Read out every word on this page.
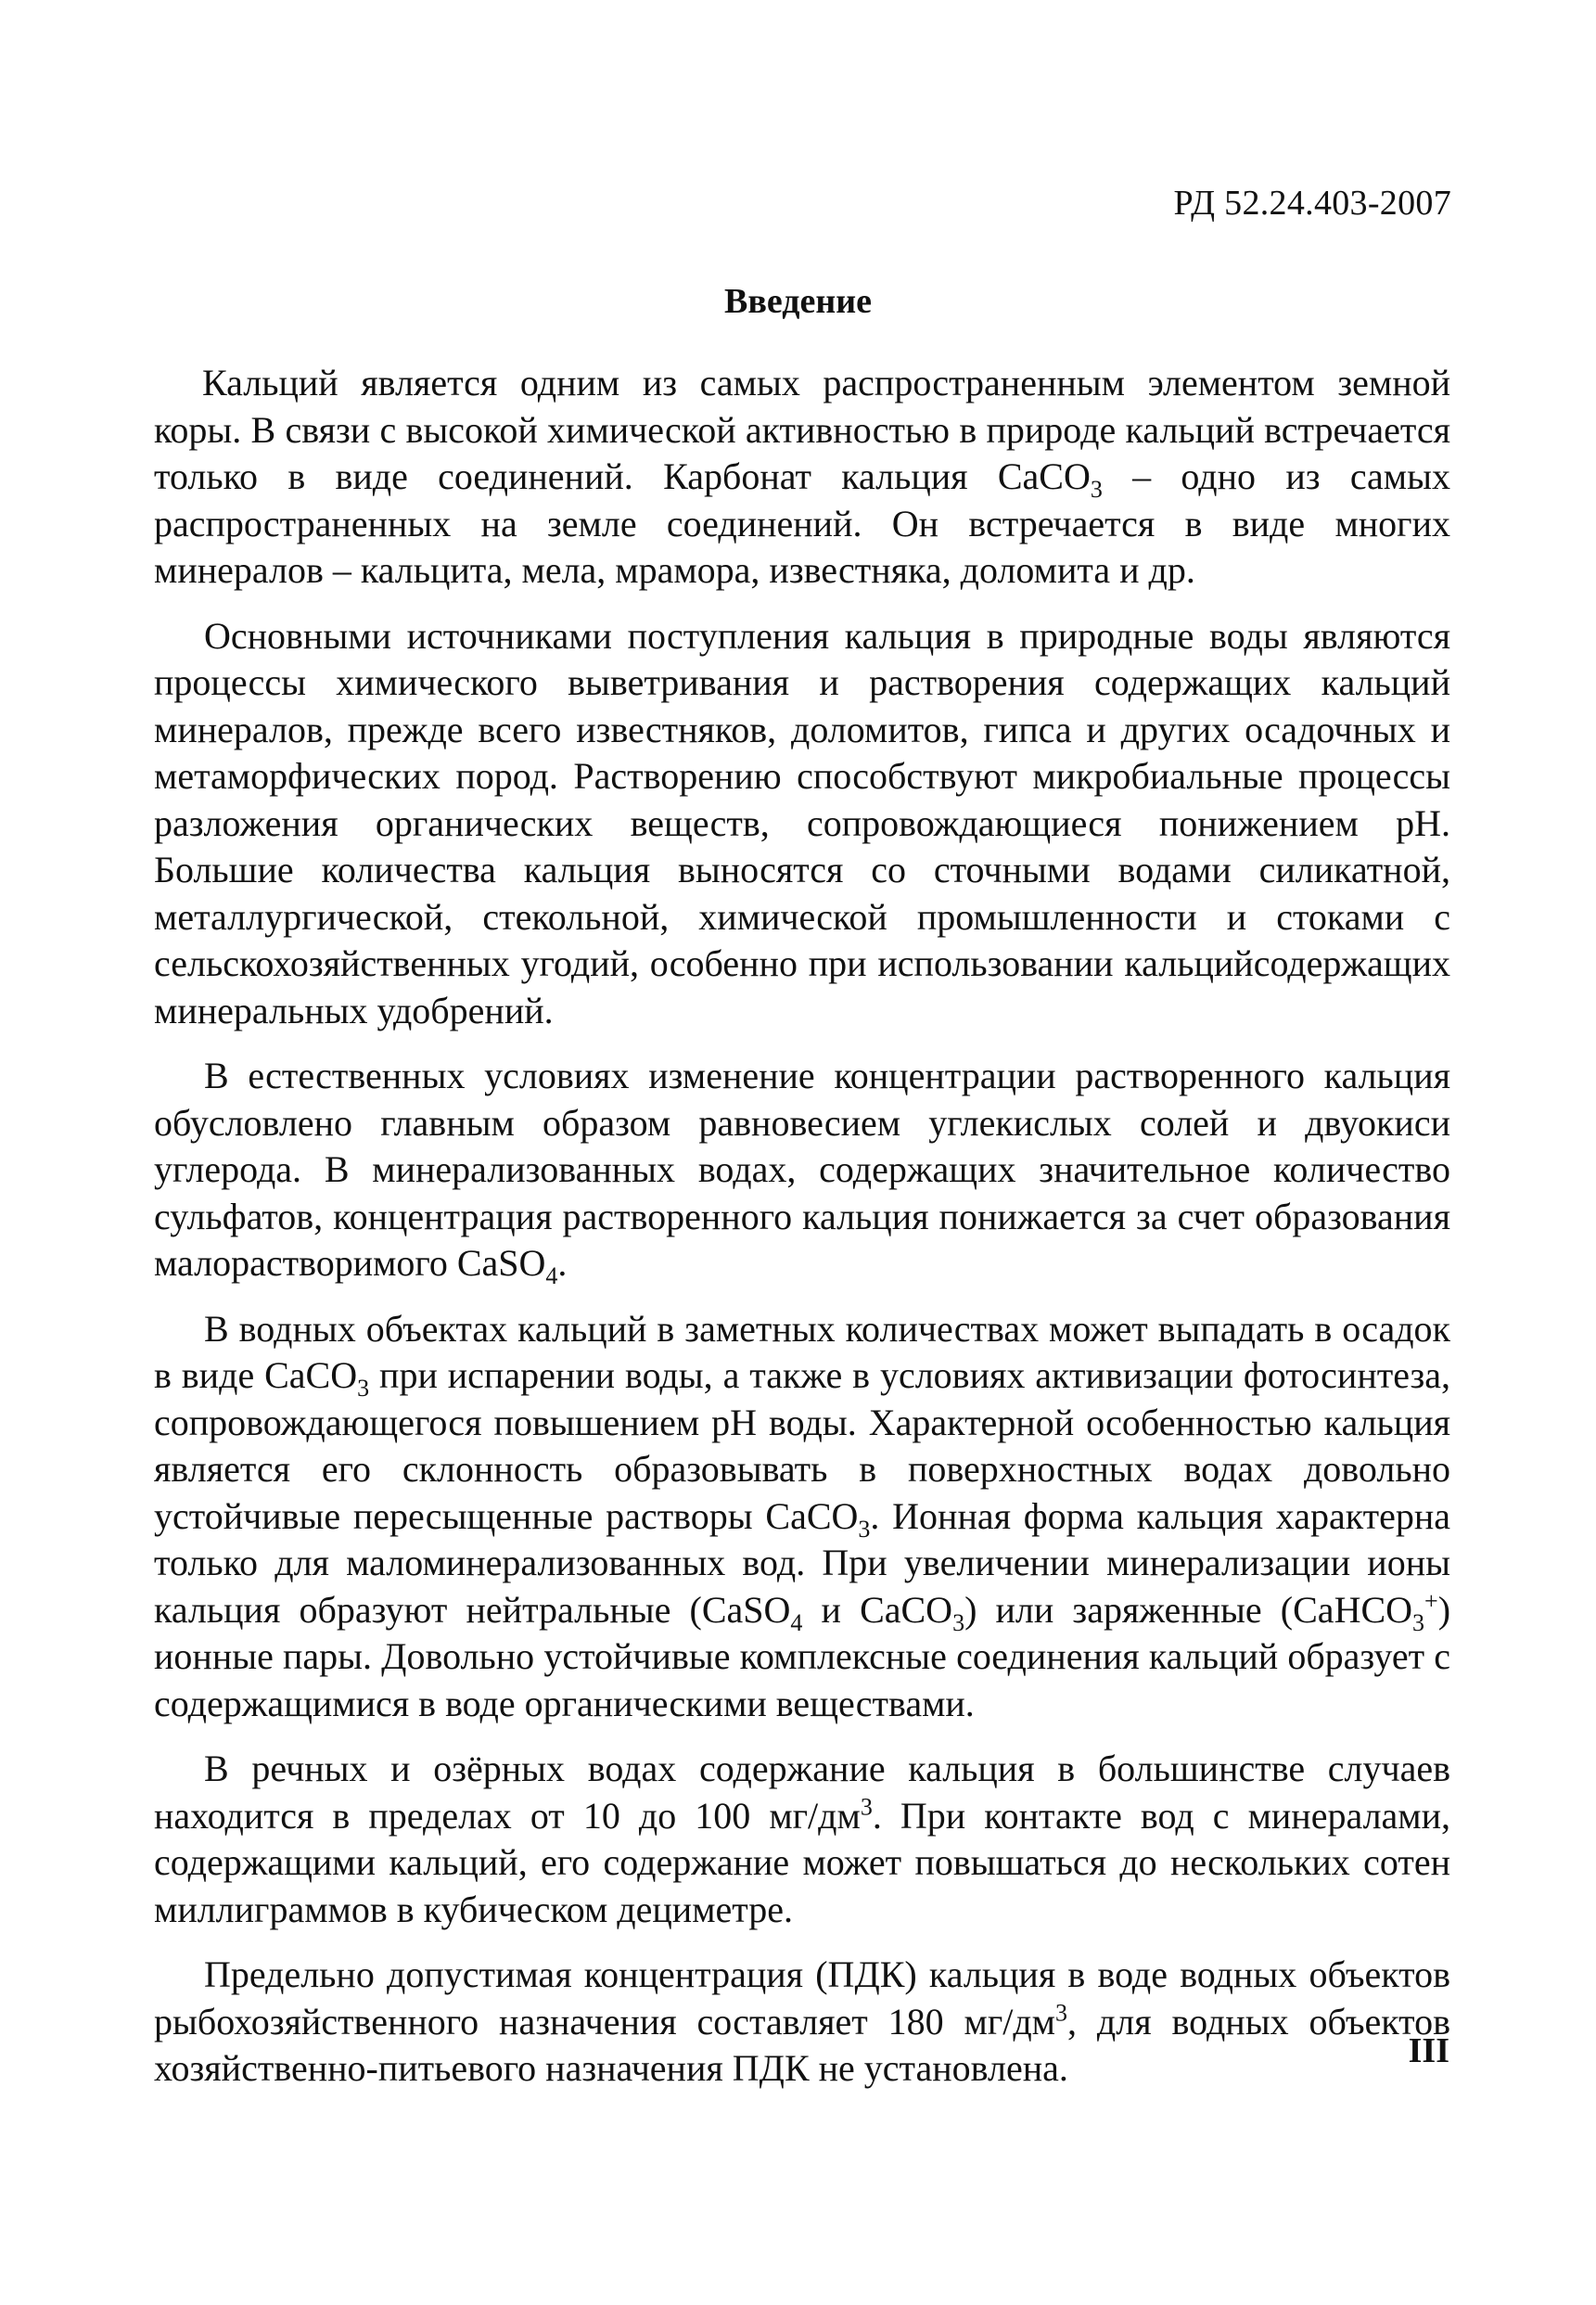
РД 52.24.403-2007
Введение

Кальций является одним из самых распространенным элементом земной коры. В связи с высокой химической активностью в природе кальций встречается только в виде соединений. Карбонат кальция CaCO$_3$ – одно из самых распространенных на земле соединений. Он встречается в виде многих минералов – кальцита, мела, мрамора, известняка, доломита и др.

Основными источниками поступления кальция в природные воды являются процессы химического выветривания и растворения содержащих кальций минералов, прежде всего известняков, доломитов, гипса и других осадочных и метаморфических пород. Растворению способствуют микробиальные процессы разложения органических веществ, сопровождающиеся понижением pH. Большие количества кальция выносятся со сточными водами силикатной, металлургической, стекольной, химической промышленности и стоками с сельскохозяйственных угодий, особенно при использовании кальцийсодержащих минеральных удобрений.

В естественных условиях изменение концентрации растворенного кальция обусловлено главным образом равновесием углекислых солей и двуокиси углерода. В минерализованных водах, содержащих значительное количество сульфатов, концентрация растворенного кальция понижается за счет образования малорастворимого CaSO$_4$.

В водных объектах кальций в заметных количествах может выпадать в осадок в виде CaCO$_3$ при испарении воды, а также в условиях активизации фотосинтеза, сопровождающегося повышением pH воды. Характерной особенностью кальция является его склонность образовывать в поверхностных водах довольно устойчивые пересыщенные растворы CaCO$_3$. Ионная форма кальция характерна только для маломинерализованных вод. При увеличении минерализации ионы кальция образуют нейтральные (CaSO$_4$ и CaCO$_3$) или заряженные (CaHCO$_3$+) ионные пары. Довольно устойчивые комплексные соединения кальций образует с содержащимися в воде органическими веществами.

В речных и озёрных водах содержание кальция в большинстве случаев находится в пределах от 10 до 100 $мг/дм^3$. При контакте вод с минералами, содержащими кальций, его содержание может повышаться до нескольких сотен миллиграммов в кубическом дециметре.

Предельно допустимая концентрация (ПДК) кальция в воде водных объектов рыбохозяйственного назначения составляет 180 $мг/дм^3$, для водных объектов хозяйственно-питьевого назначения ПДК не установлена.	III
